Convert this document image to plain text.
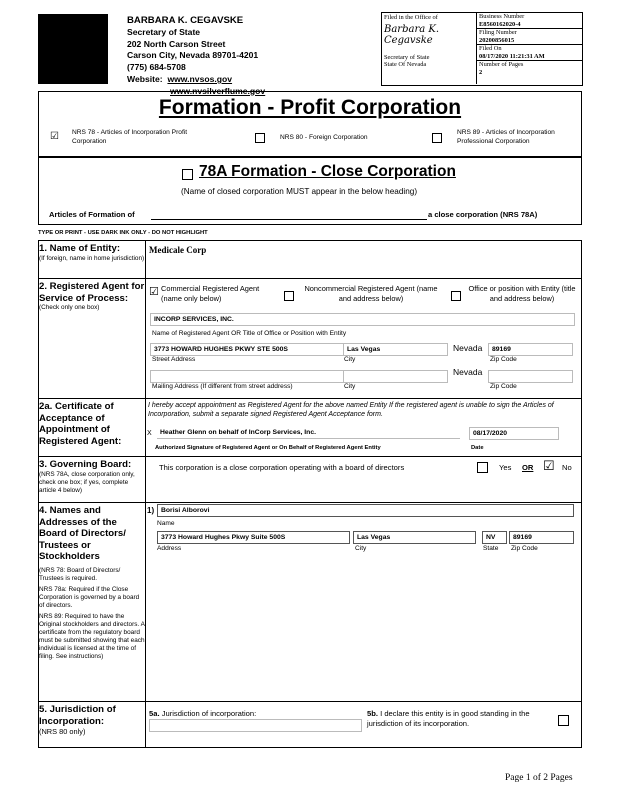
BARBARA K. CEGAVSKE
Secretary of State
202 North Carson Street
Carson City, Nevada 89701-4201
(775) 684-5708
Website: www.nvsos.gov
www.nvsilverflume.gov
Filed in the Office of
Barbara K. Cegavske
Secretary of State
State Of Nevada
Business Number
E8560162020-4
Filing Number
20200856015
Filed On
08/17/2020 11:21:31 AM
Number of Pages
2
Formation - Profit Corporation
☑ NRS 78 - Articles of Incorporation Profit Corporation	NRS 80 - Foreign Corporation
NRS 89 - Articles of Incorporation Professional Corporation
78A Formation - Close Corporation
(Name of closed corporation MUST appear in the below heading)
Articles of Formation of	a close corporation (NRS 78A)
TYPE OR PRINT - USE DARK INK ONLY - DO NOT HIGHLIGHT
1. Name of Entity:
(If foreign, name in home jurisdiction)
Medicale Corp
2. Registered Agent for Service of Process:
(Check only one box)
☑ Commercial Registered Agent (name only below)
Noncommercial Registered Agent (name and address below)
Office or position with Entity (title and address below)
INCORP SERVICES, INC.
Name of Registered Agent OR Title of Office or Position with Entity
3773 HOWARD HUGHES PKWY STE 500S	Las Vegas	Nevada	89169
Street Address	City	Zip Code
Nevada
Mailing Address (If different from street address)	City	Zip Code
2a. Certificate of Acceptance of Appointment of Registered Agent:
I hereby accept appointment as Registered Agent for the above named Entity If the registered agent is unable to sign the Articles of Incorporation, submit a separate signed Registered Agent Acceptance form.
X	Heather Glenn on behalf of InCorp Services, Inc.	08/17/2020
Authorized Signature of Registered Agent or On Behalf of Registered Agent Entity	Date
3. Governing Board:
(NRS 78A, close corporation only, check one box; if yes, complete article 4 below)
This corporation is a close corporation operating with a board of directors	Yes OR ☑ No
4. Names and Addresses of the Board of Directors/ Trustees or Stockholders
(NRS 78: Board of Directors/ Trustees is required.
NRS 78a: Required if the Close Corporation is governed by a board of directors.
NRS 89: Required to have the Original stockholders and directors. A certificate from the regulatory board must be submitted showing that each individual is licensed at the time of filing. See instructions)
1)	Borisi Alborovi
Name
3773 Howard Hughes Pkwy Suite 500S	Las Vegas	NV	89169
Address	City	State Zip Code
5. Jurisdiction of Incorporation:
(NRS 80 only)
5a. Jurisdiction of incorporation:	5b. I declare this entity is in good standing in the jurisdiction of its incorporation.
Page 1 of 2 Pages
